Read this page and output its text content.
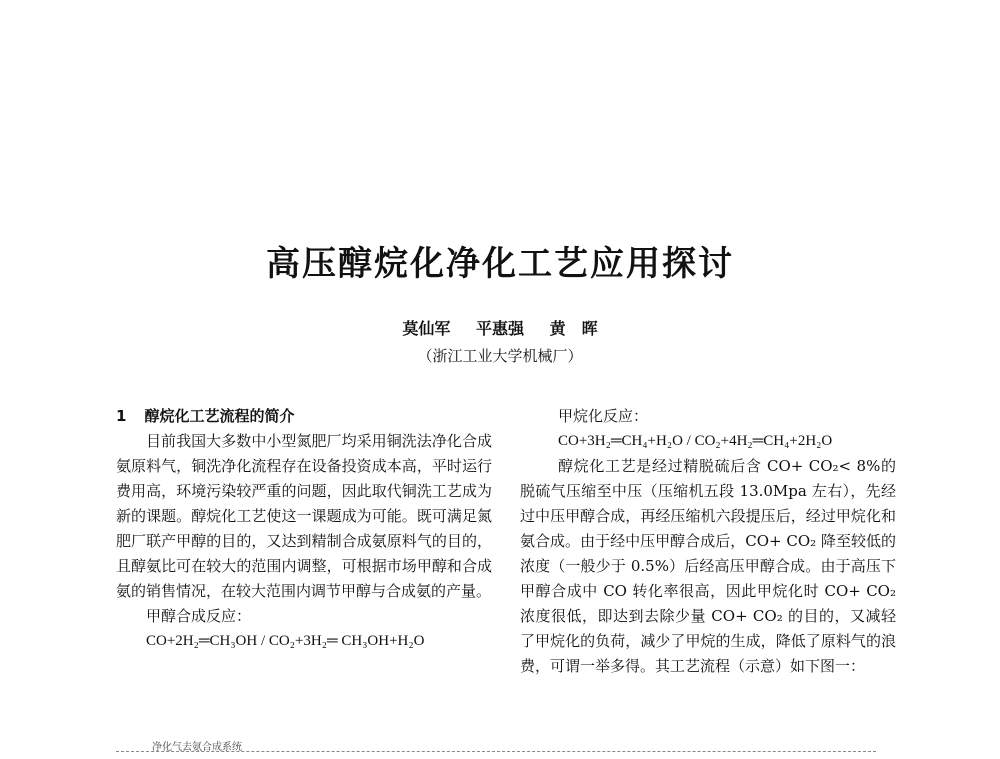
高压醇烷化净化工艺应用探讨
莫仙军 平惠强 黄　晖
（浙江工业大学机械厂）
1 醇烷化工艺流程的简介

目前我国大多数中小型氮肥厂均采用铜洗法净化合成氨原料气，铜洗净化流程存在设备投资成本高，平时运行费用高，环境污染较严重的问题，因此取代铜洗工艺成为新的课题。醇烷化工艺使这一课题成为可能。既可满足氮肥厂联产甲醇的目的，又达到精制合成氨原料气的目的，且醇氨比可在较大的范围内调整，可根据市场甲醇和合成氨的销售情况，在较大范围内调节甲醇与合成氨的产量。

甲醇合成反应：
CO+2H₂═CH₃OH / CO₂+3H₂═ CH₃OH+H₂O
甲烷化反应：
CO+3H₂═CH₄+H₂O / CO₂+4H₂═CH₄+2H₂O

醇烷化工艺是经过精脱硫后含 CO+ CO₂< 8%的脱硫气压缩至中压（压缩机五段 13.0Mpa 左右），先经过中压甲醇合成，再经压缩机六段提压后，经过甲烷化和氨合成。由于经中压甲醇合成后，CO+ CO₂ 降至较低的浓度（一般少于 0.5%）后经高压甲醇合成。由于高压下甲醇合成中 CO 转化率很高，因此甲烷化时 CO+ CO₂ 浓度很低，即达到去除少量 CO+ CO₂ 的目的，又减轻了甲烷化的负荷，减少了甲烷的生成，降低了原料气的浪费，可谓一举多得。其工艺流程（示意）如下图一：

净化气去氨合成系统
